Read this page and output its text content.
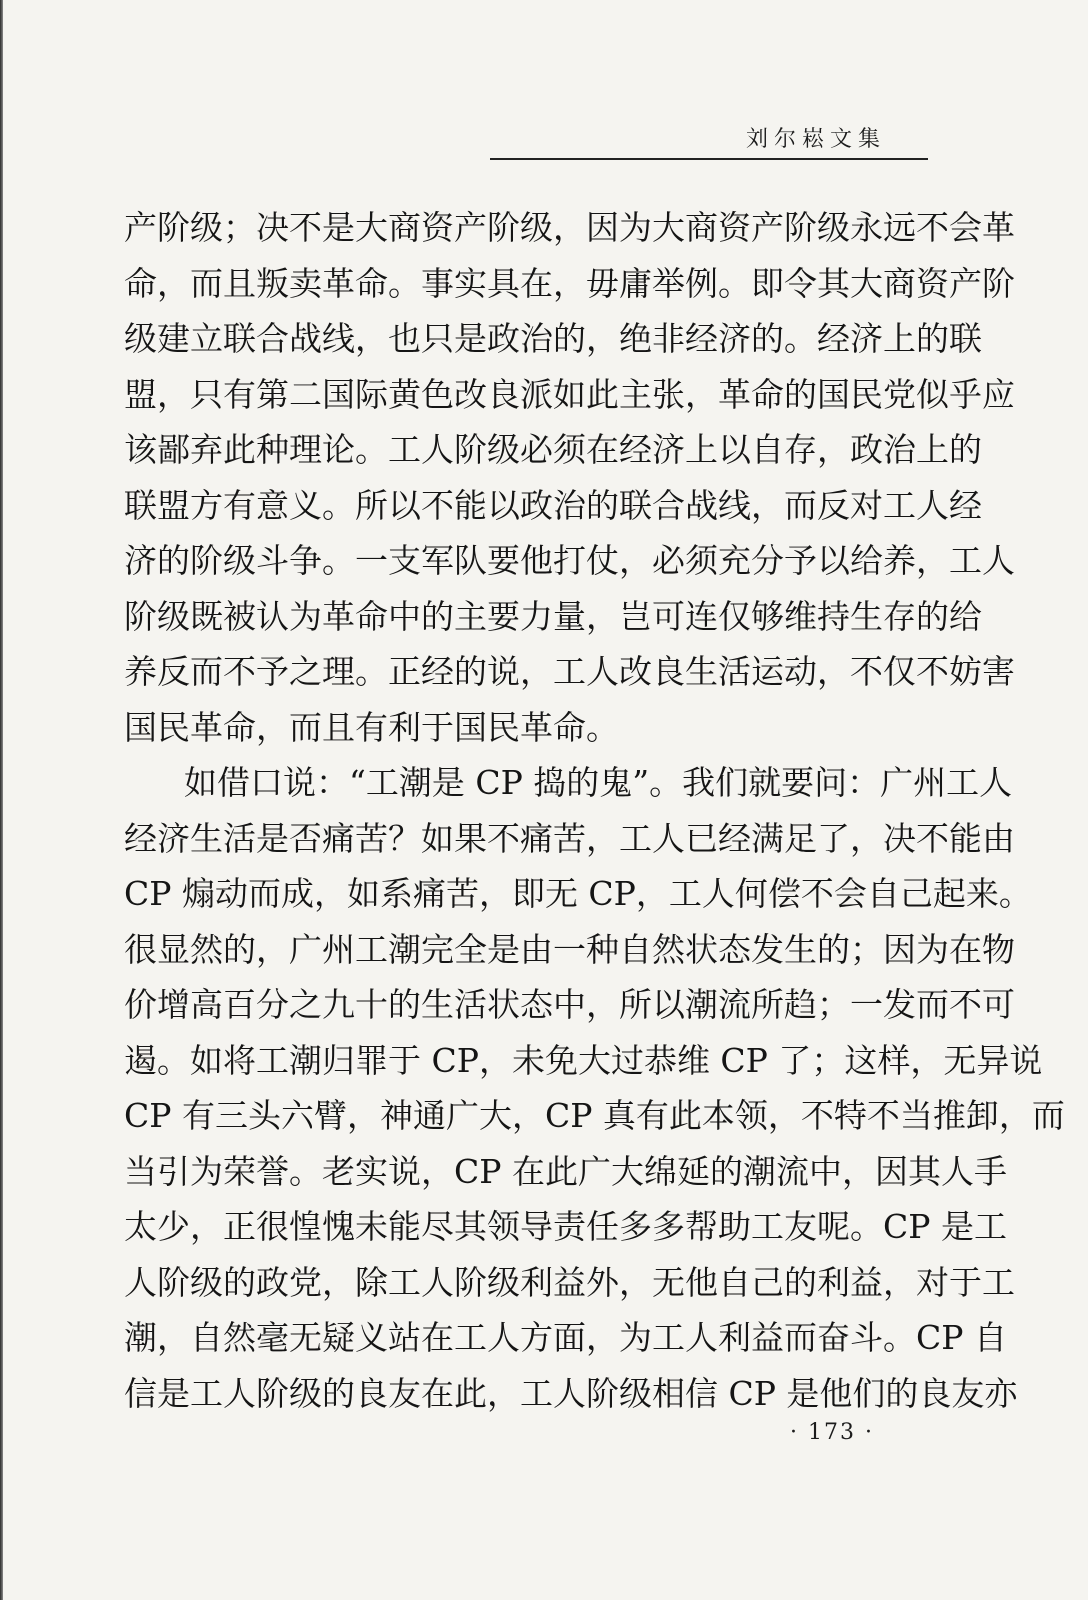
刘尔崧文集

产阶级；决不是大商资产阶级，因为大商资产阶级永远不会革
命，而且叛卖革命。事实具在，毋庸举例。即令其大商资产阶
级建立联合战线，也只是政治的，绝非经济的。经济上的联
盟，只有第二国际黄色改良派如此主张，革命的国民党似乎应
该鄙弃此种理论。工人阶级必须在经济上以自存，政治上的
联盟方有意义。所以不能以政治的联合战线，而反对工人经
济的阶级斗争。一支军队要他打仗，必须充分予以给养，工人
阶级既被认为革命中的主要力量，岂可连仅够维持生存的给
养反而不予之理。正经的说，工人改良生活运动，不仅不妨害
国民革命，而且有利于国民革命。

如借口说：“工潮是 CP 捣的鬼”。我们就要问：广州工人
经济生活是否痛苦？如果不痛苦，工人已经满足了，决不能由
CP 煽动而成，如系痛苦，即无 CP，工人何偿不会自己起来。
很显然的，广州工潮完全是由一种自然状态发生的；因为在物
价增高百分之九十的生活状态中，所以潮流所趋；一发而不可
遏。如将工潮归罪于 CP，未免大过恭维 CP 了；这样，无异说
CP 有三头六臂，神通广大，CP 真有此本领，不特不当推卸，而
当引为荣誉。老实说，CP 在此广大绵延的潮流中，因其人手
太少，正很惶愧未能尽其领导责任多多帮助工友呢。CP 是工
人阶级的政党，除工人阶级利益外，无他自己的利益，对于工
潮，自然毫无疑义站在工人方面，为工人利益而奋斗。CP 自
信是工人阶级的良友在此，工人阶级相信 CP 是他们的良友亦

· 173 ·
